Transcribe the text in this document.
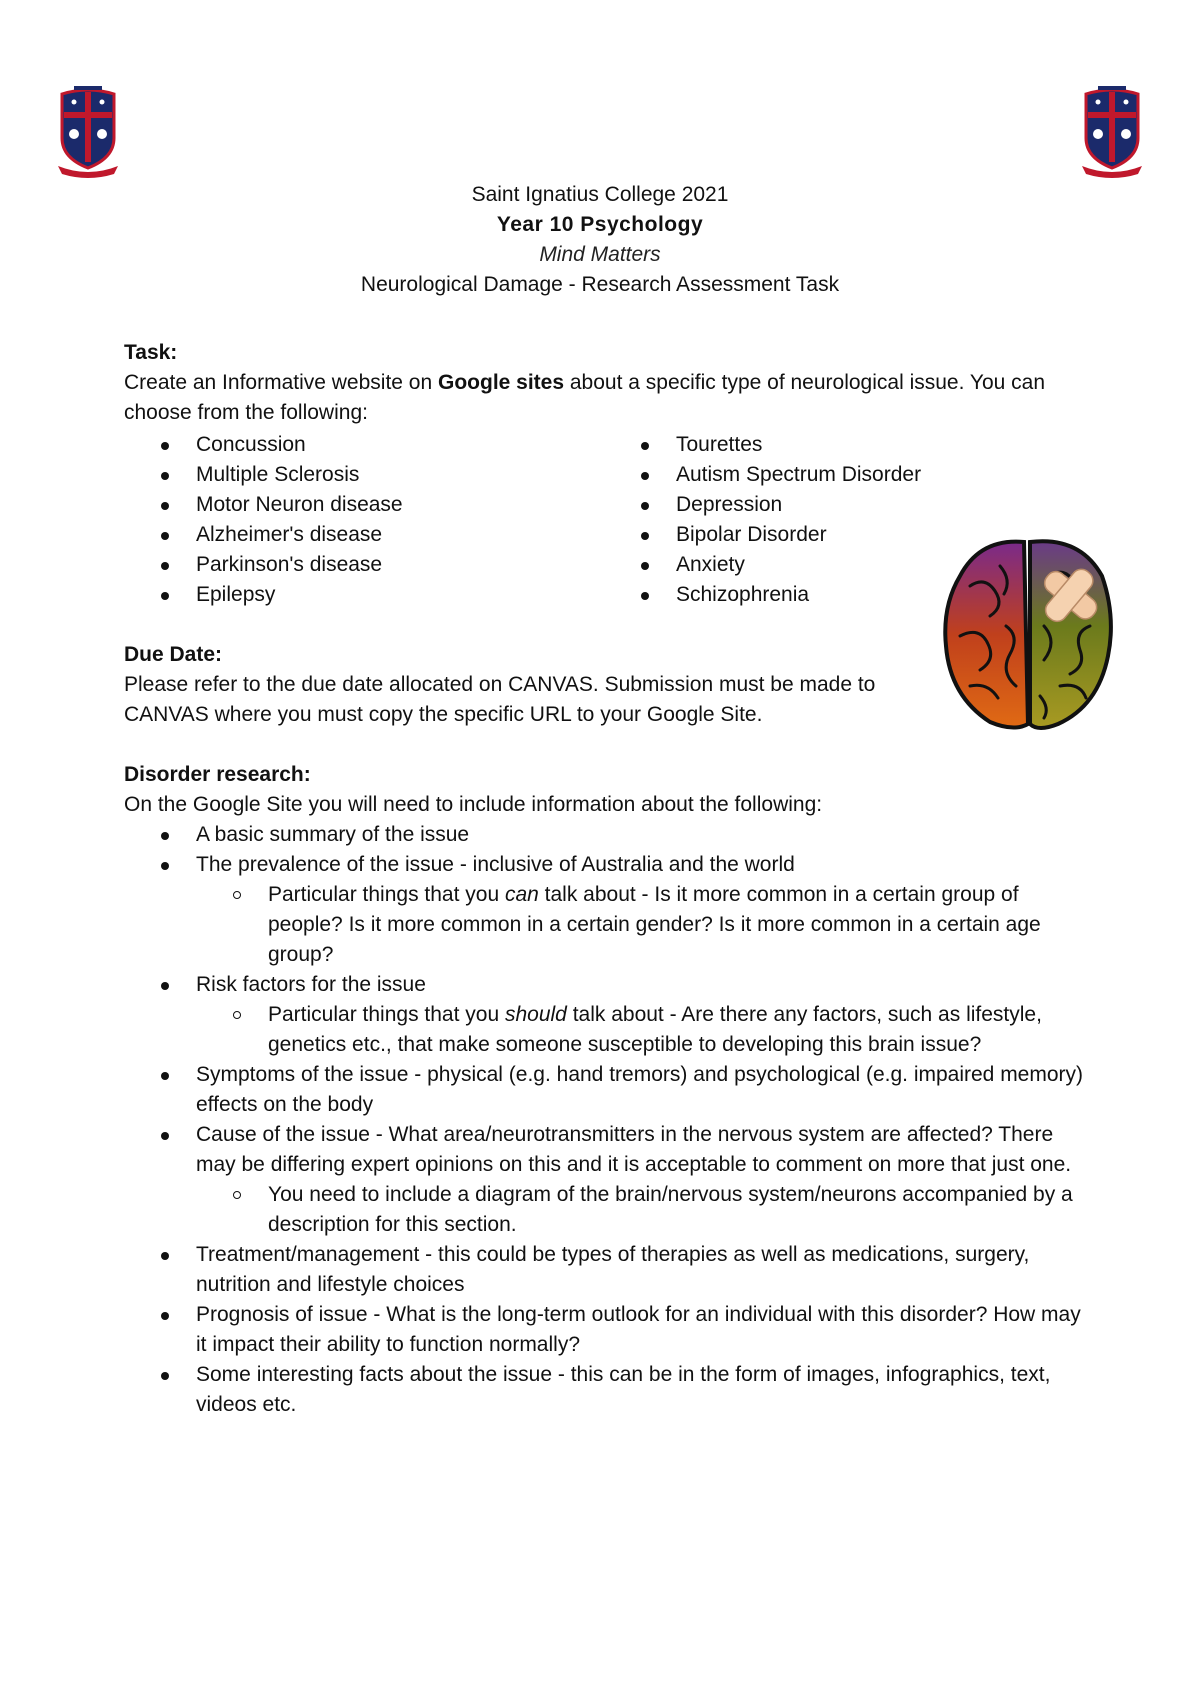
Saint Ignatius College 2021
Year 10 Psychology
Mind Matters
Neurological Damage - Research Assessment Task
Task:

Create an Informative website on Google sites about a specific type of neurological issue. You can choose from the following:

Concussion
Multiple Sclerosis
Motor Neuron disease
Alzheimer's disease
Parkinson's disease
Epilepsy
Tourettes
Autism Spectrum Disorder
Depression
Bipolar Disorder
Anxiety
Schizophrenia
Due Date:

Please refer to the due date allocated on CANVAS. Submission must be made to CANVAS where you must copy the specific URL to your Google Site.

Disorder research:

On the Google Site you will need to include information about the following:

A basic summary of the issue
The prevalence of the issue - inclusive of Australia and the world
Particular things that you can talk about - Is it more common in a certain group of people? Is it more common in a certain gender? Is it more common in a certain age group?
Risk factors for the issue
Particular things that you should talk about - Are there any factors, such as lifestyle, genetics etc., that make someone susceptible to developing this brain issue?
Symptoms of the issue - physical (e.g. hand tremors) and psychological (e.g. impaired memory) effects on the body
Cause of the issue - What area/neurotransmitters in the nervous system are affected? There may be differing expert opinions on this and it is acceptable to comment on more that just one.
You need to include a diagram of the brain/nervous system/neurons accompanied by a description for this section.
Treatment/management - this could be types of therapies as well as medications, surgery, nutrition and lifestyle choices
Prognosis of issue - What is the long-term outlook for an individual with this disorder? How may it impact their ability to function normally?
Some interesting facts about the issue - this can be in the form of images, infographics, text, videos etc.
